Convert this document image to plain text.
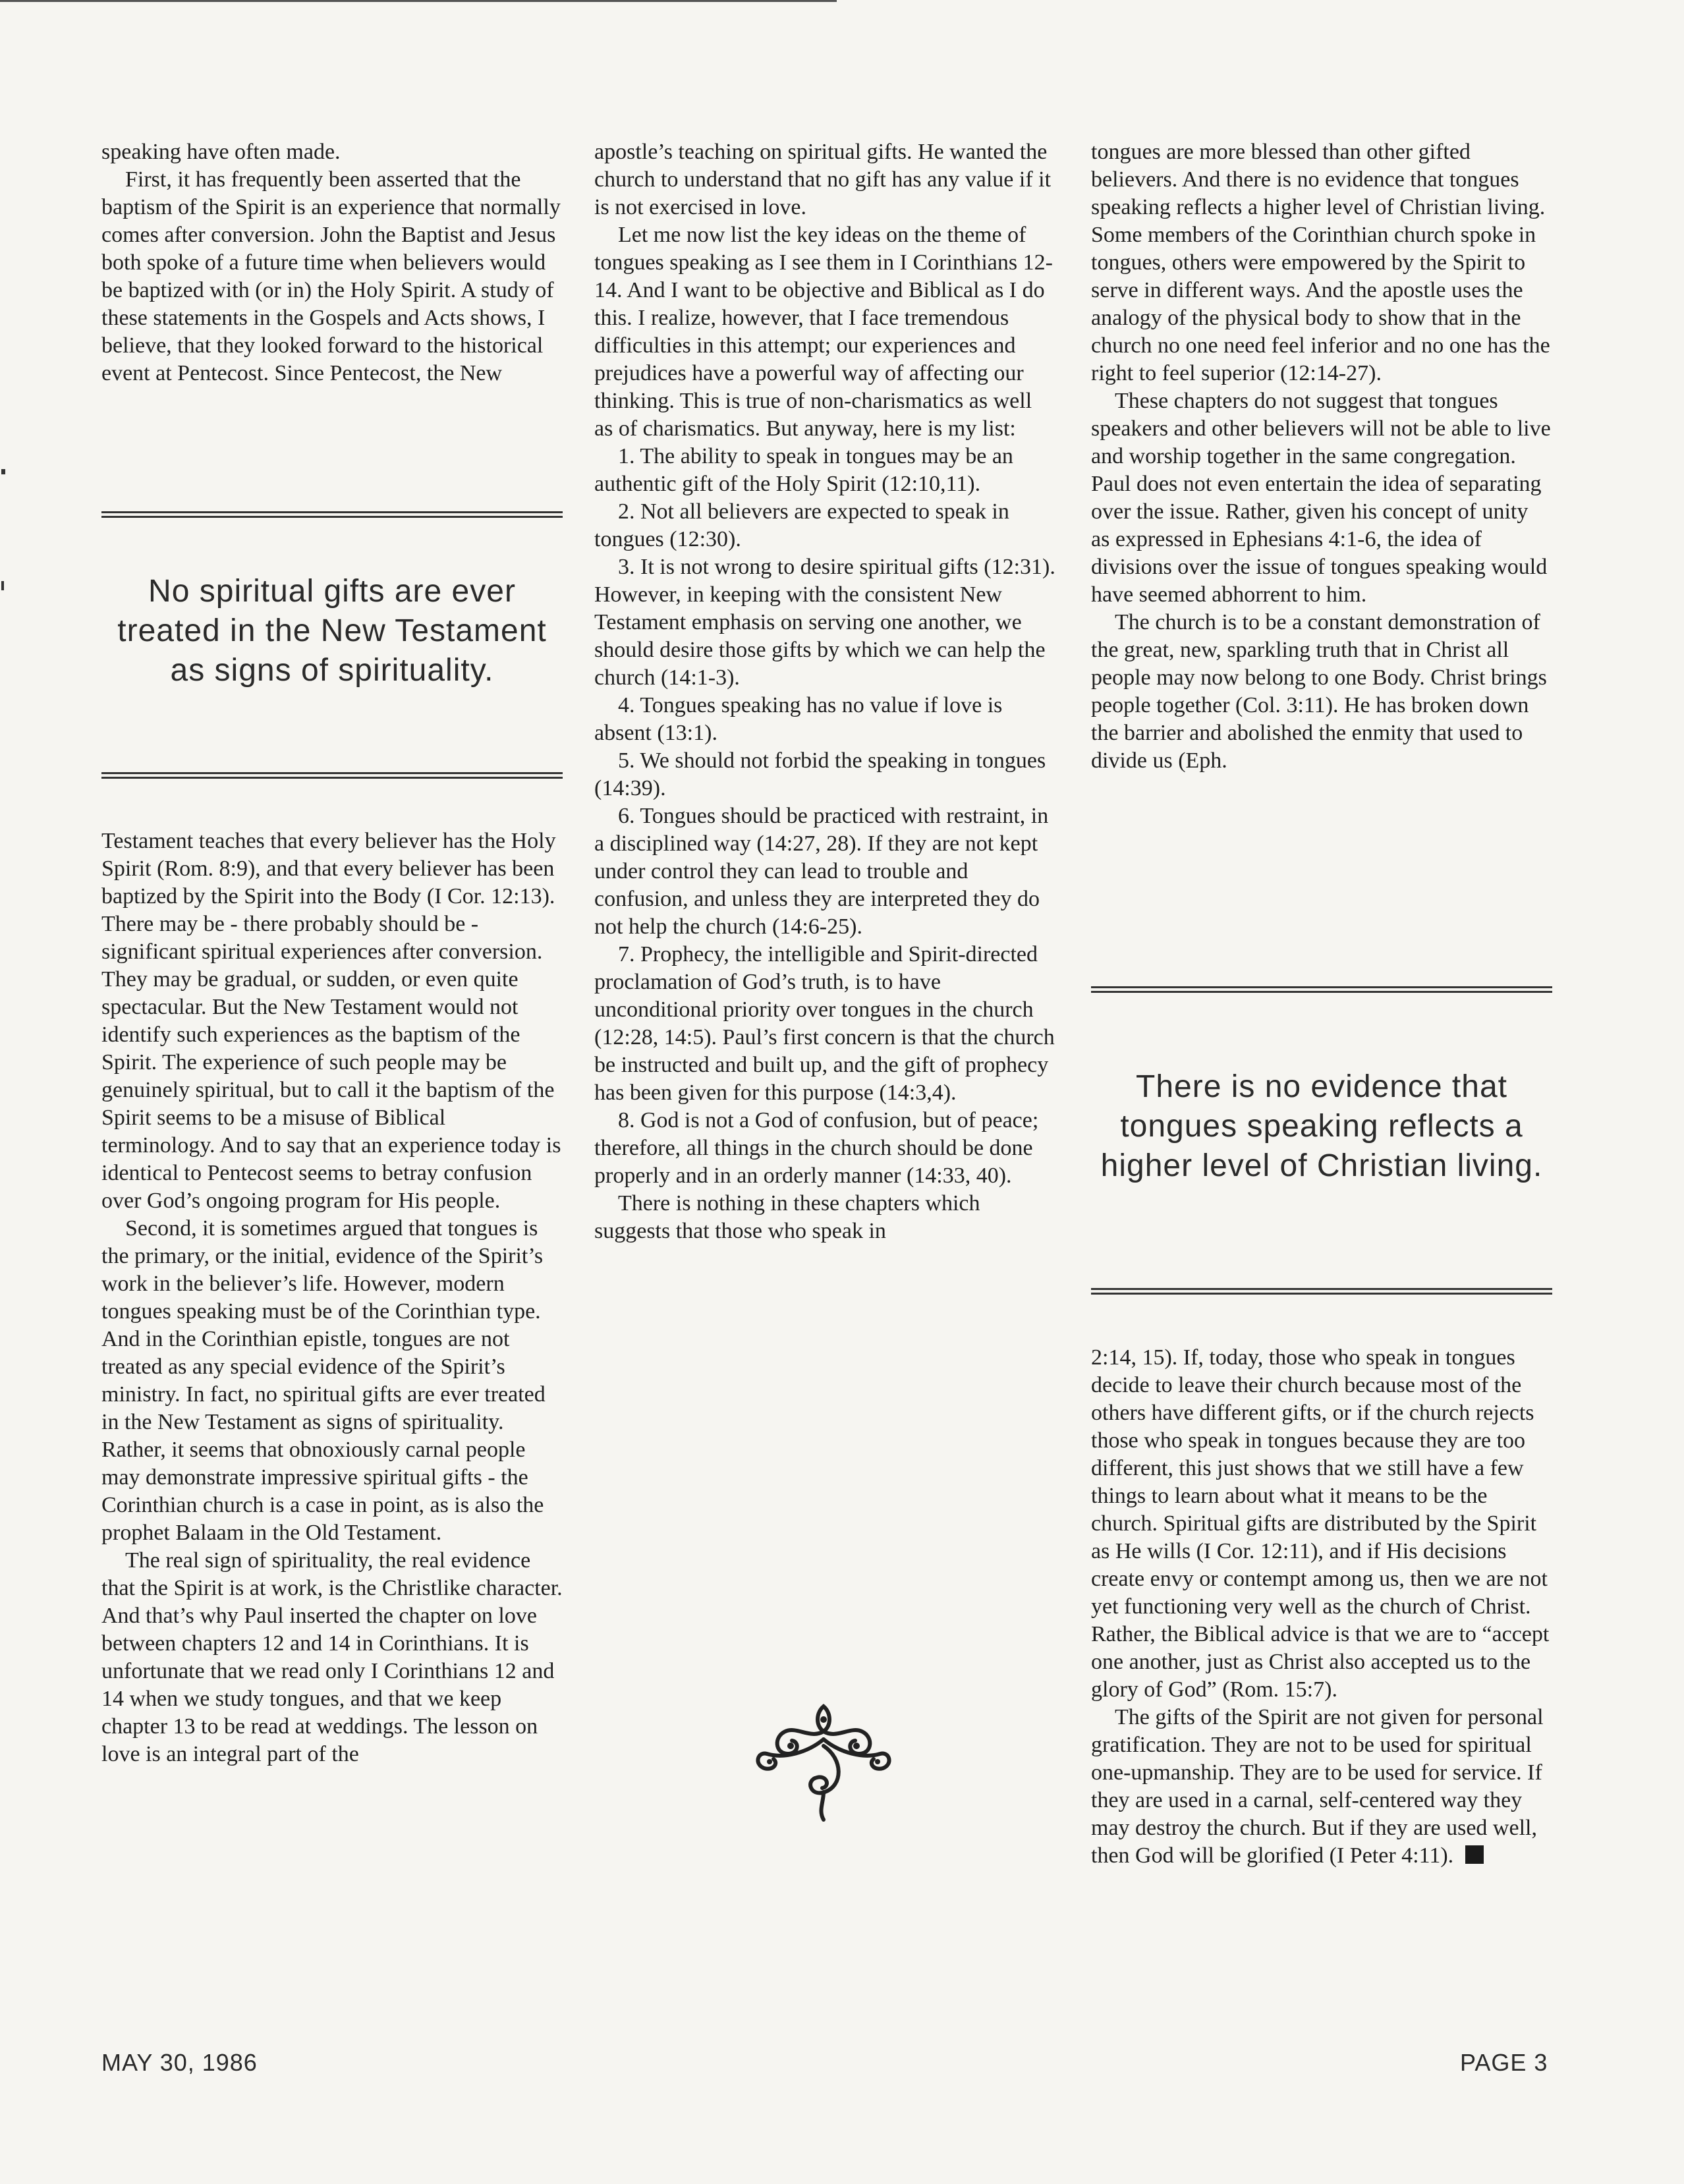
speaking have often made.

First, it has frequently been asserted that the baptism of the Spirit is an experience that normally comes after conversion. John the Baptist and Jesus both spoke of a future time when believers would be baptized with (or in) the Holy Spirit. A study of these statements in the Gospels and Acts shows, I believe, that they looked forward to the historical event at Pentecost. Since Pentecost, the New

No spiritual gifts are ever treated in the New Testament as signs of spirituality.

Testament teaches that every believer has the Holy Spirit (Rom. 8:9), and that every believer has been baptized by the Spirit into the Body (I Cor. 12:13). There may be - there probably should be - significant spiritual experiences after conversion. They may be gradual, or sudden, or even quite spectacular. But the New Testament would not identify such experiences as the baptism of the Spirit. The experience of such people may be genuinely spiritual, but to call it the baptism of the Spirit seems to be a misuse of Biblical terminology. And to say that an experience today is identical to Pentecost seems to betray confusion over God’s ongoing program for His people.

Second, it is sometimes argued that tongues is the primary, or the initial, evidence of the Spirit’s work in the believer’s life. However, modern tongues speaking must be of the Corinthian type. And in the Corinthian epistle, tongues are not treated as any special evidence of the Spirit’s ministry. In fact, no spiritual gifts are ever treated in the New Testament as signs of spirituality. Rather, it seems that obnoxiously carnal people may demonstrate impressive spiritual gifts - the Corinthian church is a case in point, as is also the prophet Balaam in the Old Testament.

The real sign of spirituality, the real evidence that the Spirit is at work, is the Christlike character. And that’s why Paul inserted the chapter on love between chapters 12 and 14 in Corinthians. It is unfortunate that we read only I Corinthians 12 and 14 when we study tongues, and that we keep chapter 13 to be read at weddings. The lesson on love is an integral part of the

apostle’s teaching on spiritual gifts. He wanted the church to understand that no gift has any value if it is not exercised in love.

Let me now list the key ideas on the theme of tongues speaking as I see them in I Corinthians 12-14. And I want to be objective and Biblical as I do this. I realize, however, that I face tremendous difficulties in this attempt; our experiences and prejudices have a powerful way of affecting our thinking. This is true of non-charismatics as well as of charismatics. But anyway, here is my list:

1. The ability to speak in tongues may be an authentic gift of the Holy Spirit (12:10,11).

2. Not all believers are expected to speak in tongues (12:30).

3. It is not wrong to desire spiritual gifts (12:31). However, in keeping with the consistent New Testament emphasis on serving one another, we should desire those gifts by which we can help the church (14:1-3).

4. Tongues speaking has no value if love is absent (13:1).

5. We should not forbid the speaking in tongues (14:39).

6. Tongues should be practiced with restraint, in a disciplined way (14:27, 28). If they are not kept under control they can lead to trouble and confusion, and unless they are interpreted they do not help the church (14:6-25).

7. Prophecy, the intelligible and Spirit-directed proclamation of God’s truth, is to have unconditional priority over tongues in the church (12:28, 14:5). Paul’s first concern is that the church be instructed and built up, and the gift of prophecy has been given for this purpose (14:3,4).

8. God is not a God of confusion, but of peace; therefore, all things in the church should be done properly and in an orderly manner (14:33, 40).

There is nothing in these chapters which suggests that those who speak in

tongues are more blessed than other gifted believers. And there is no evidence that tongues speaking reflects a higher level of Christian living. Some members of the Corinthian church spoke in tongues, others were empowered by the Spirit to serve in different ways. And the apostle uses the analogy of the physical body to show that in the church no one need feel inferior and no one has the right to feel superior (12:14-27).

These chapters do not suggest that tongues speakers and other believers will not be able to live and worship together in the same congregation. Paul does not even entertain the idea of separating over the issue. Rather, given his concept of unity as expressed in Ephesians 4:1-6, the idea of divisions over the issue of tongues speaking would have seemed abhorrent to him.

The church is to be a constant demonstration of the great, new, sparkling truth that in Christ all people may now belong to one Body. Christ brings people together (Col. 3:11). He has broken down the barrier and abolished the enmity that used to divide us (Eph.

There is no evidence that tongues speaking reflects a higher level of Christian living.

2:14, 15). If, today, those who speak in tongues decide to leave their church because most of the others have different gifts, or if the church rejects those who speak in tongues because they are too different, this just shows that we still have a few things to learn about what it means to be the church. Spiritual gifts are distributed by the Spirit as He wills (I Cor. 12:11), and if His decisions create envy or contempt among us, then we are not yet functioning very well as the church of Christ. Rather, the Biblical advice is that we are to “accept one another, just as Christ also accepted us to the glory of God” (Rom. 15:7).

The gifts of the Spirit are not given for personal gratification. They are not to be used for spiritual one-upmanship. They are to be used for service. If they are used in a carnal, self-centered way they may destroy the church. But if they are used well, then God will be glorified (I Peter 4:11).

MAY 30, 1986	PAGE 3
